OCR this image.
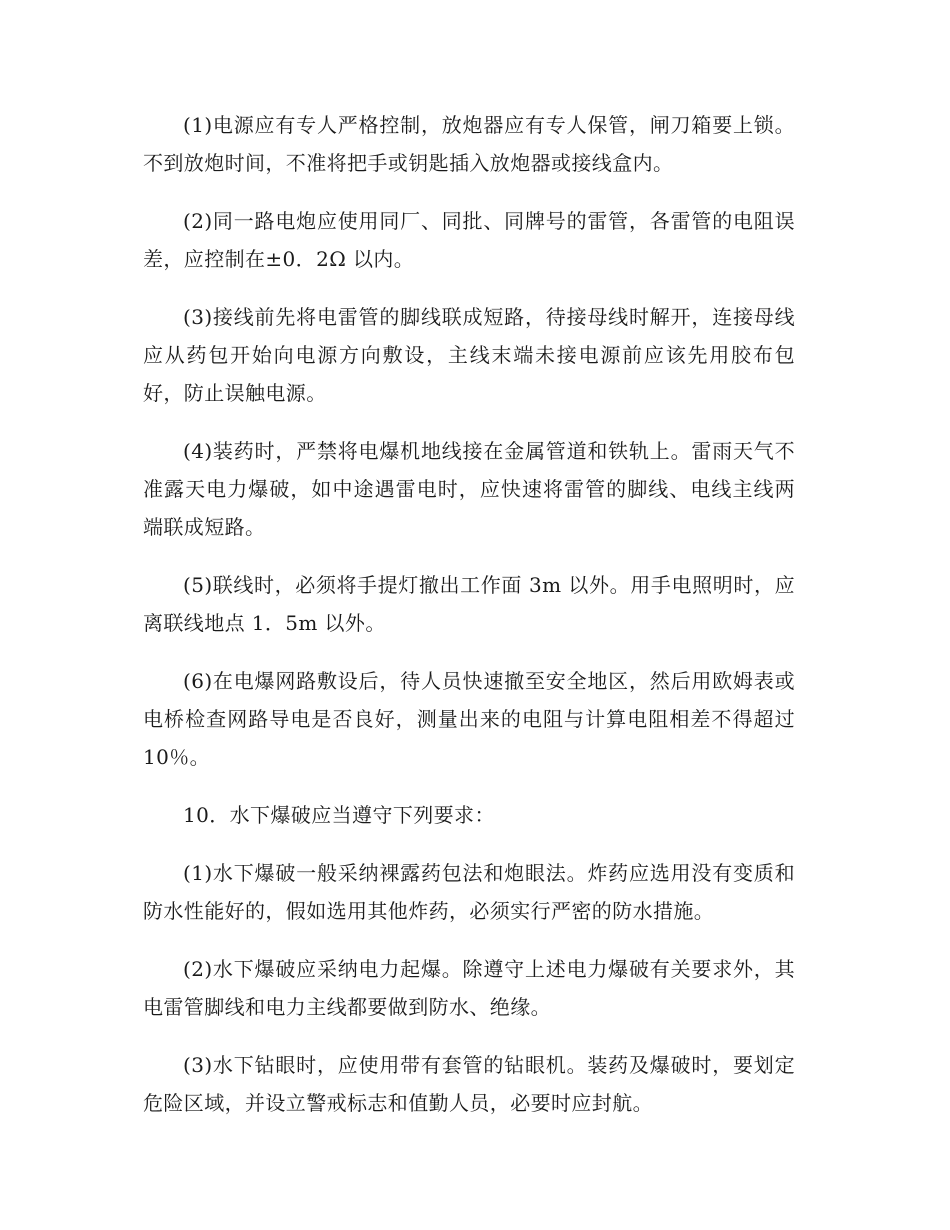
(1)电源应有专人严格控制，放炮器应有专人保管，闸刀箱要上锁。不到放炮时间，不准将把手或钥匙插入放炮器或接线盒内。

(2)同一路电炮应使用同厂、同批、同牌号的雷管，各雷管的电阻误差，应控制在±0．2Ω 以内。

(3)接线前先将电雷管的脚线联成短路，待接母线时解开，连接母线应从药包开始向电源方向敷设，主线末端未接电源前应该先用胶布包好，防止误触电源。

(4)装药时，严禁将电爆机地线接在金属管道和铁轨上。雷雨天气不准露天电力爆破，如中途遇雷电时，应快速将雷管的脚线、电线主线两端联成短路。

(5)联线时，必须将手提灯撤出工作面 3m 以外。用手电照明时，应离联线地点 1．5m 以外。

(6)在电爆网路敷设后，待人员快速撤至安全地区，然后用欧姆表或电桥检查网路导电是否良好，测量出来的电阻与计算电阻相差不得超过 10％。

10．水下爆破应当遵守下列要求：

(1)水下爆破一般采纳裸露药包法和炮眼法。炸药应选用没有变质和防水性能好的，假如选用其他炸药，必须实行严密的防水措施。

(2)水下爆破应采纳电力起爆。除遵守上述电力爆破有关要求外，其电雷管脚线和电力主线都要做到防水、绝缘。

(3)水下钻眼时，应使用带有套管的钻眼机。装药及爆破时，要划定危险区域，并设立警戒标志和值勤人员，必要时应封航。
